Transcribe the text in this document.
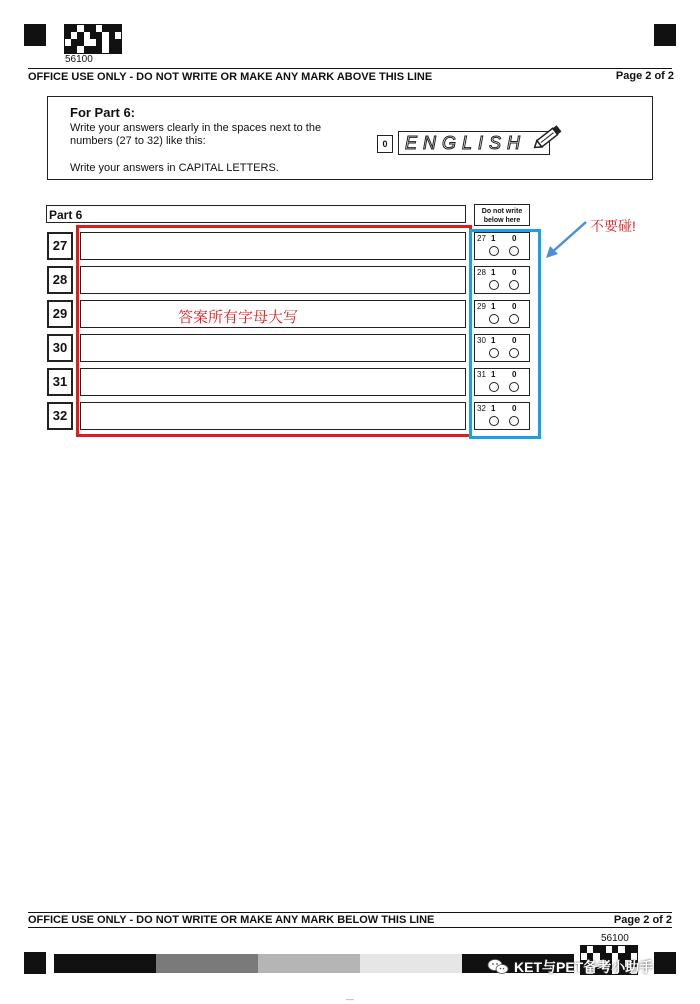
56100
OFFICE USE ONLY - DO NOT WRITE OR MAKE ANY MARK ABOVE THIS LINE	Page 2 of 2
For Part 6:
Write your answers clearly in the spaces next to the
numbers (27 to 32) like this:
Write your answers in CAPITAL LETTERS.
0 ENGLISH
Part 6	Do not write
below here
27	27 1 0
28	28 1 0
29	29 1 0
30	30 1 0
31	31 1 0
32	32 1 0
答案所有字母大写
不要碰!
OFFICE USE ONLY - DO NOT WRITE OR MAKE ANY MARK BELOW THIS LINE	Page 2 of 2
56100
KET与PET备考小助手
—
